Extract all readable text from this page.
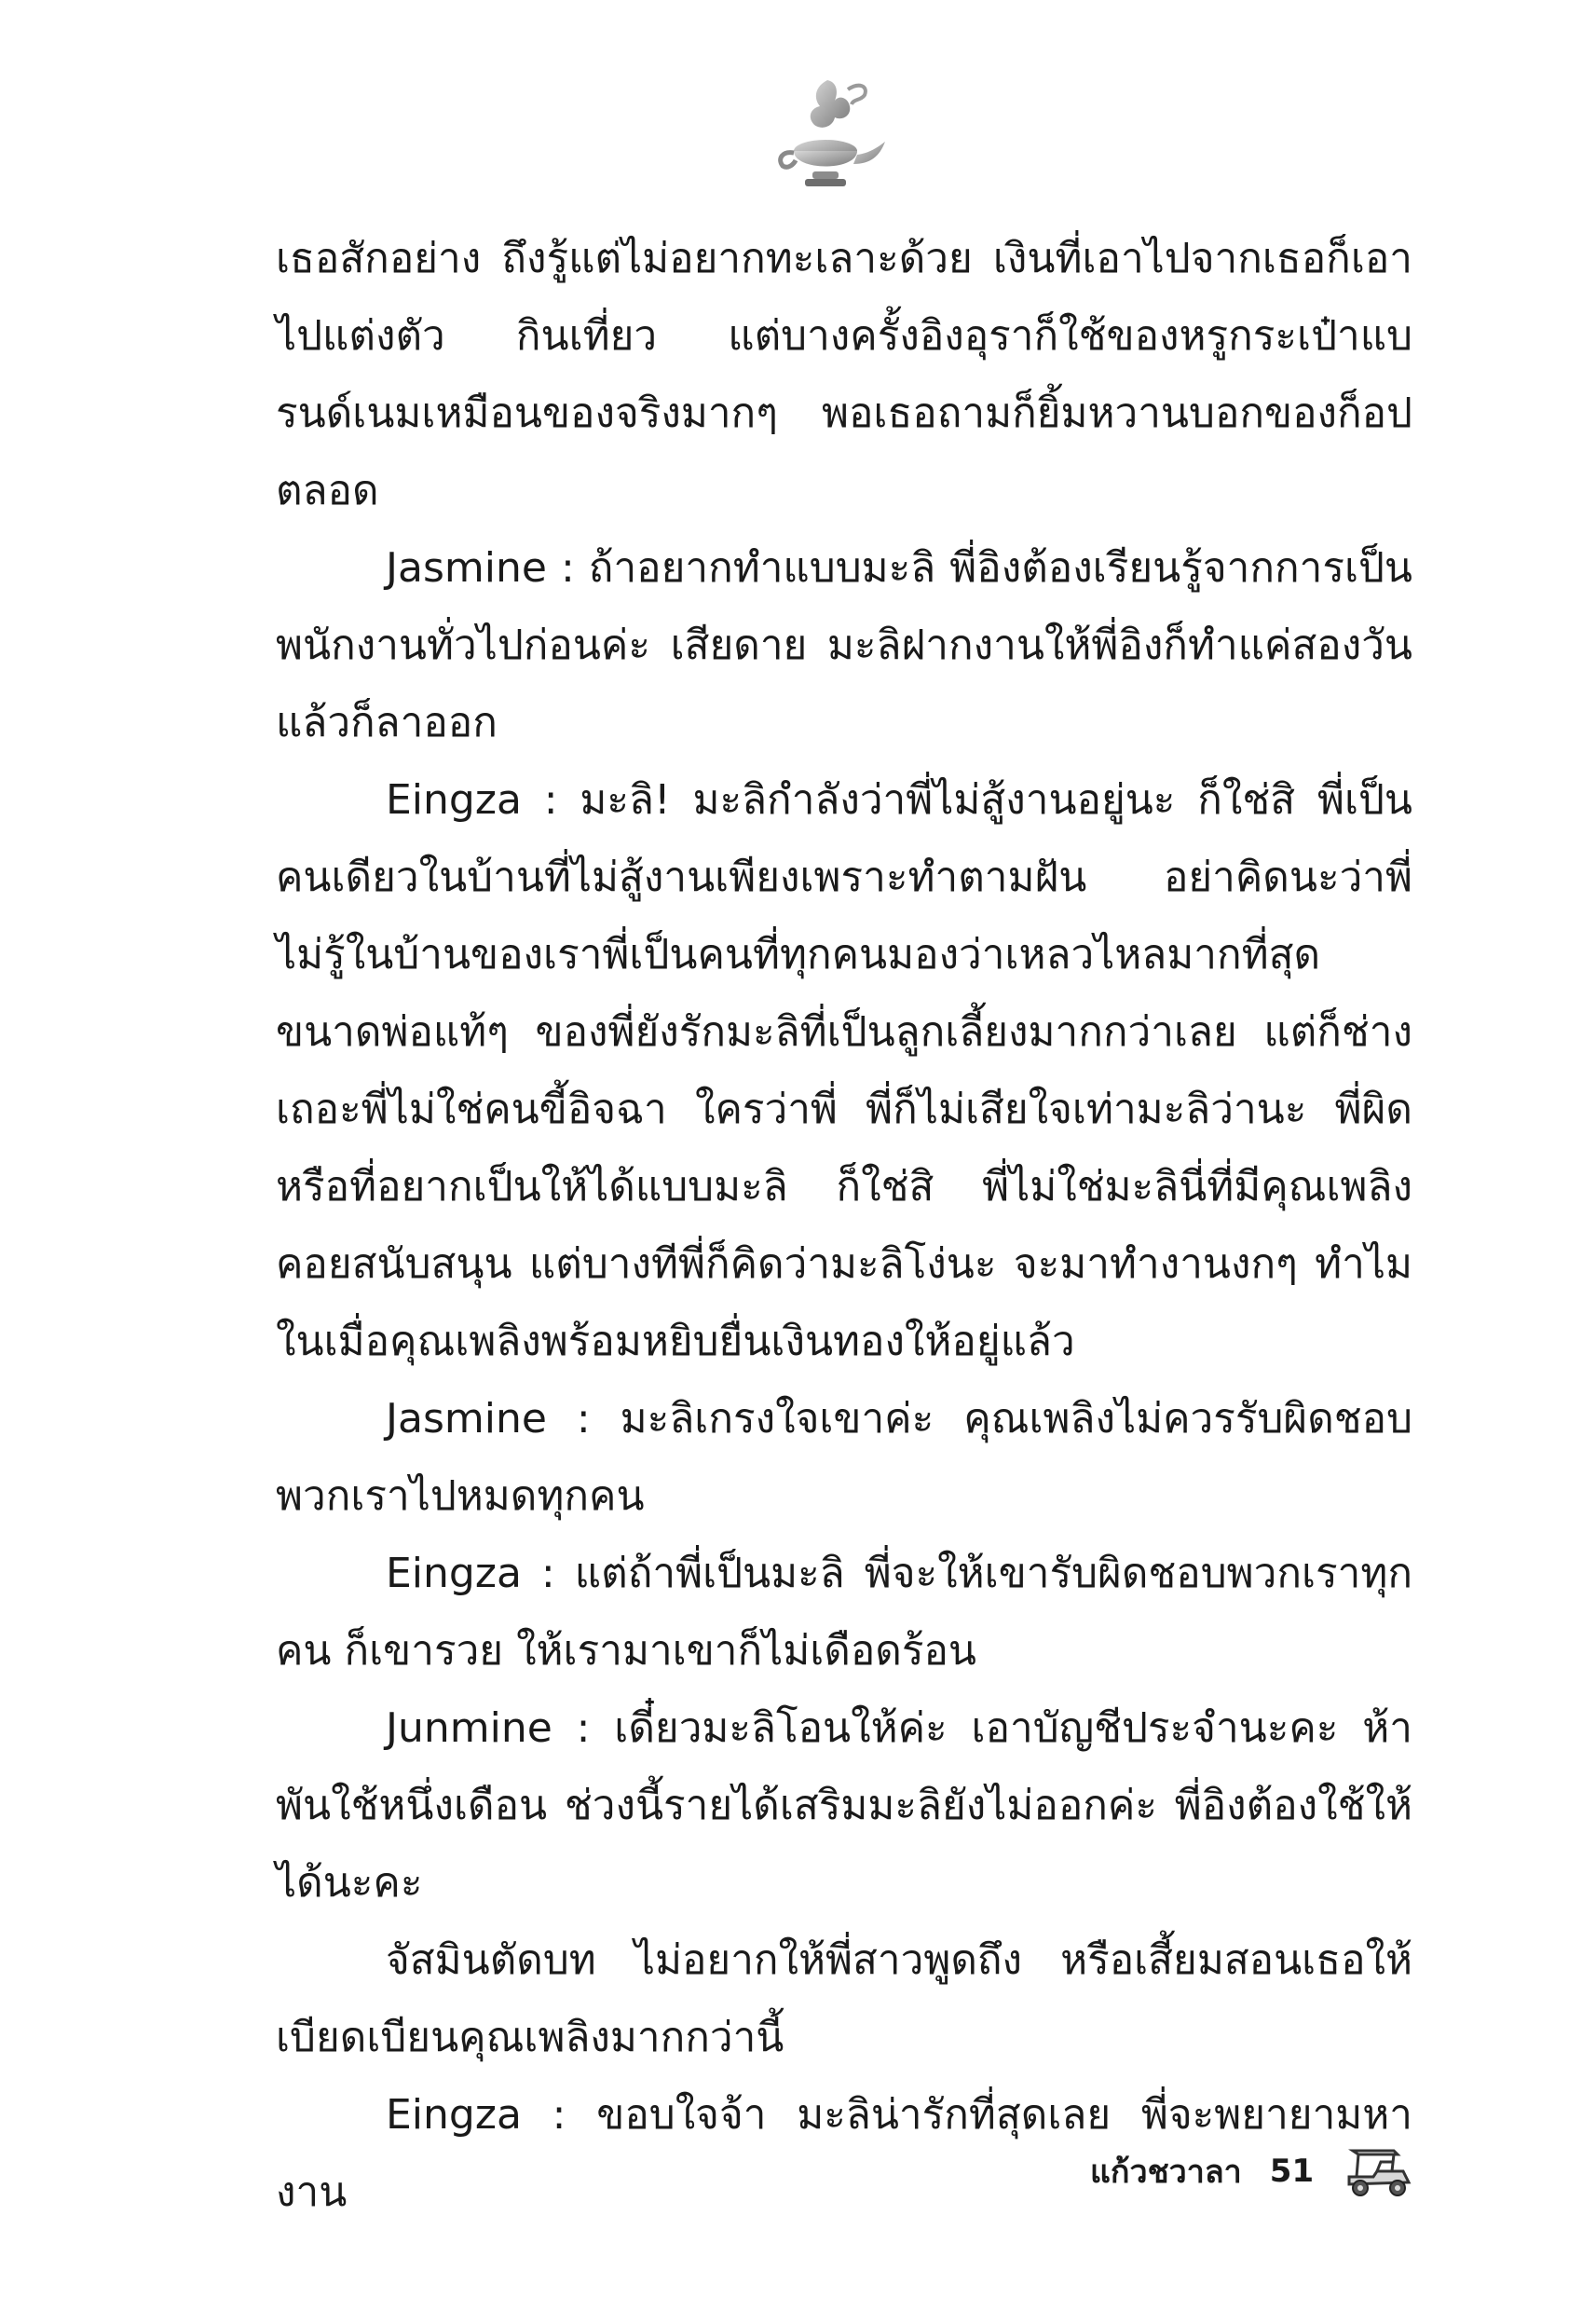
เธอสักอย่าง ถึงรู้แต่ไม่อยากทะเลาะด้วย เงินที่เอาไปจากเธอก็เอาไปแต่งตัว กินเที่ยว แต่บางครั้งอิงอุราก็ใช้ของหรูกระเป๋าแบรนด์เนมเหมือนของจริงมากๆ พอเธอถามก็ยิ้มหวานบอกของก็อปตลอด

Jasmine : ถ้าอยากทำแบบมะลิ พี่อิงต้องเรียนรู้จากการเป็นพนักงานทั่วไปก่อนค่ะ เสียดาย มะลิฝากงานให้พี่อิงก็ทำแค่สองวันแล้วก็ลาออก

Eingza : มะลิ! มะลิกำลังว่าพี่ไม่สู้งานอยู่นะ ก็ใช่สิ พี่เป็นคนเดียวในบ้านที่ไม่สู้งานเพียงเพราะทำตามฝัน อย่าคิดนะว่าพี่ไม่รู้ในบ้านของเราพี่เป็นคนที่ทุกคนมองว่าเหลวไหลมากที่สุด ขนาดพ่อแท้ๆ ของพี่ยังรักมะลิที่เป็นลูกเลี้ยงมากกว่าเลย แต่ก็ช่างเถอะพี่ไม่ใช่คนขี้อิจฉา ใครว่าพี่ พี่ก็ไม่เสียใจเท่ามะลิว่านะ พี่ผิดหรือที่อยากเป็นให้ได้แบบมะลิ ก็ใช่สิ พี่ไม่ใช่มะลินี่ที่มีคุณเพลิงคอยสนับสนุน แต่บางทีพี่ก็คิดว่ามะลิโง่นะ จะมาทำงานงกๆ ทำไมในเมื่อคุณเพลิงพร้อมหยิบยื่นเงินทองให้อยู่แล้ว

Jasmine : มะลิเกรงใจเขาค่ะ คุณเพลิงไม่ควรรับผิดชอบพวกเราไปหมดทุกคน

Eingza : แต่ถ้าพี่เป็นมะลิ พี่จะให้เขารับผิดชอบพวกเราทุกคน ก็เขารวย ให้เรามาเขาก็ไม่เดือดร้อน

Junmine : เดี๋ยวมะลิโอนให้ค่ะ เอาบัญชีประจำนะคะ ห้าพันใช้หนึ่งเดือน ช่วงนี้รายได้เสริมมะลิยังไม่ออกค่ะ พี่อิงต้องใช้ให้ได้นะคะ

จัสมินตัดบท ไม่อยากให้พี่สาวพูดถึง หรือเสี้ยมสอนเธอให้เบียดเบียนคุณเพลิงมากกว่านี้

Eingza : ขอบใจจ้า มะลิน่ารักที่สุดเลย พี่จะพยายามหางาน	แก้วชวาลา 51
